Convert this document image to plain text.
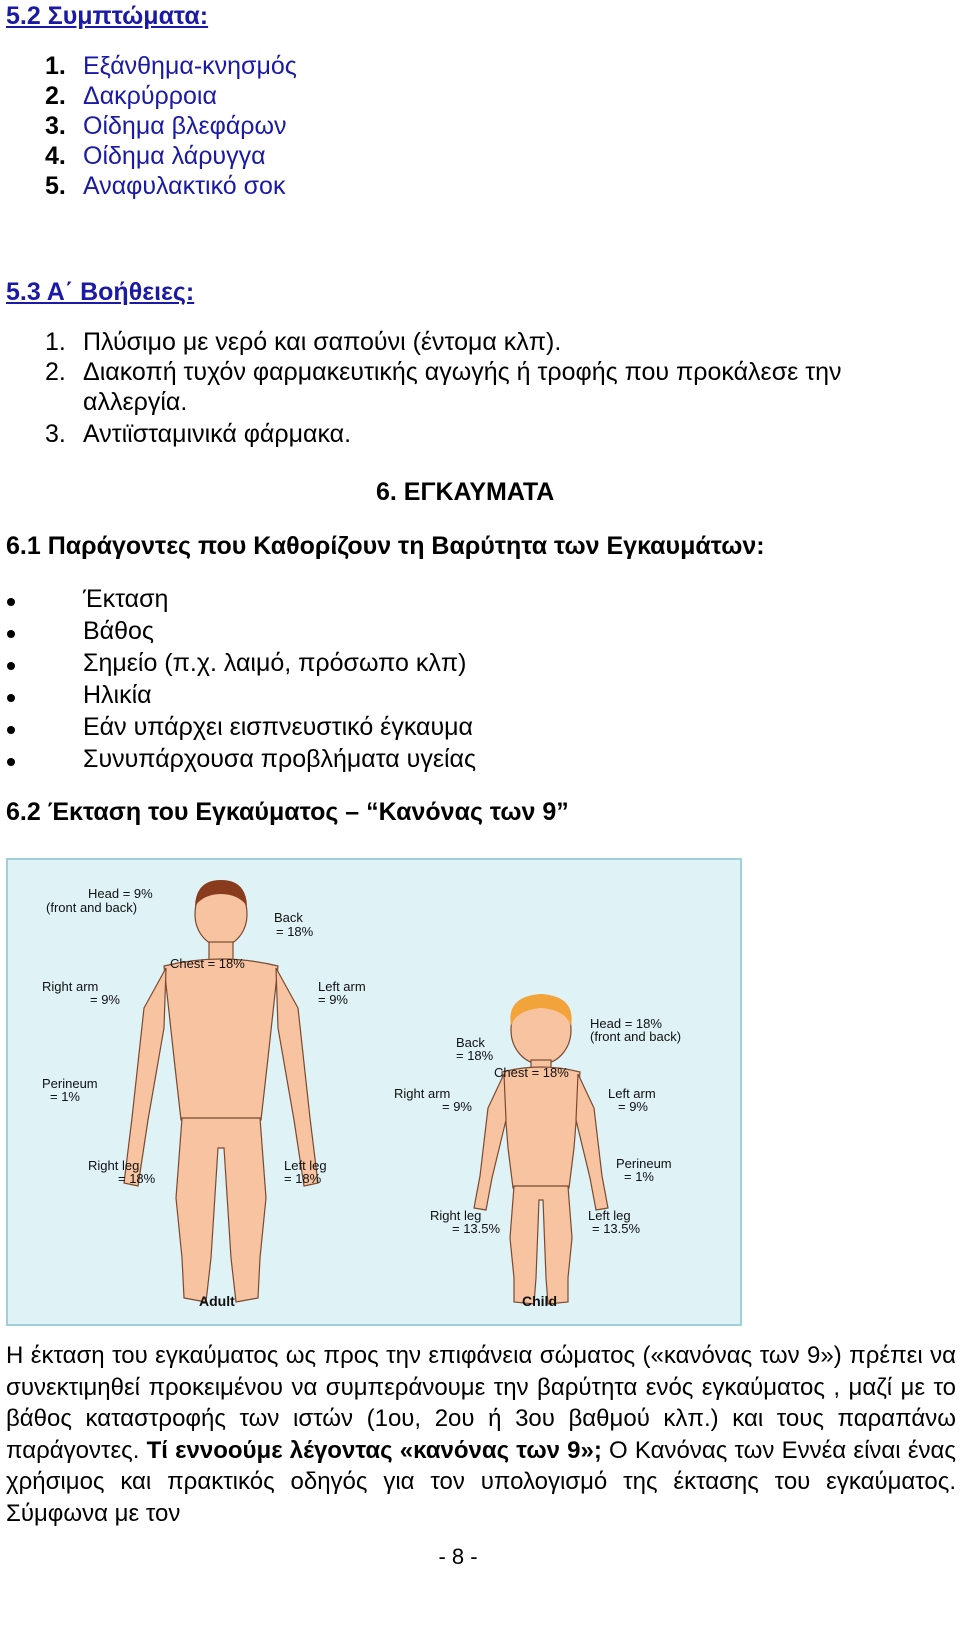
5.2 Συμπτώματα:
1. Εξάνθημα-κνησμός
2. Δακρύρροια
3. Οίδημα βλεφάρων
4. Οίδημα λάρυγγα
5. Αναφυλακτικό σοκ
5.3 Α΄ Βοήθειες:
1. Πλύσιμο με νερό και σαπούνι (έντομα κλπ).
2. Διακοπή τυχόν φαρμακευτικής αγωγής ή τροφής που προκάλεσε την
αλλεργία.
3. Αντιϊσταμινικά φάρμακα.
6. ΕΓΚΑΥΜΑΤΑ
6.1 Παράγοντες που Καθορίζουν τη Βαρύτητα των Εγκαυμάτων:
Έκταση
Βάθος
Σημείο (π.χ. λαιμό, πρόσωπο κλπ)
Ηλικία
Εάν υπάρχει εισπνευστικό έγκαυμα
Συνυπάρχουσα προβλήματα υγείας
6.2 Έκταση του Εγκαύματος – “Κανόνας των 9”
Head = 9%
(front and back)
Back
= 18%
Chest = 18%
Right arm
= 9%
Left arm
= 9%
Perineum
= 1%
Right leg
= 18%
Left leg
= 18%
Adult
Head = 18%
(front and back)
Back
= 18%
Chest = 18%
Right arm
= 9%
Left arm
= 9%
Perineum
= 1%
Right leg
= 13.5%
Left leg
= 13.5%
Child
Η έκταση του εγκαύματος ως προς την επιφάνεια σώματος («κανόνας των 9») πρέπει να συνεκτιμηθεί προκειμένου να συμπεράνουμε την βαρύτητα ενός εγκαύματος , μαζί με το βάθος καταστροφής των ιστών (1ου, 2ου ή 3ου βαθμού κλπ.) και τους παραπάνω παράγοντες. Τί εννοούμε λέγοντας «κανόνας των 9»; Ο Κανόνας των Εννέα είναι ένας χρήσιμος και πρακτικός οδηγός για τον υπολογισμό της έκτασης του εγκαύματος. Σύμφωνα με τον
- 8 -
